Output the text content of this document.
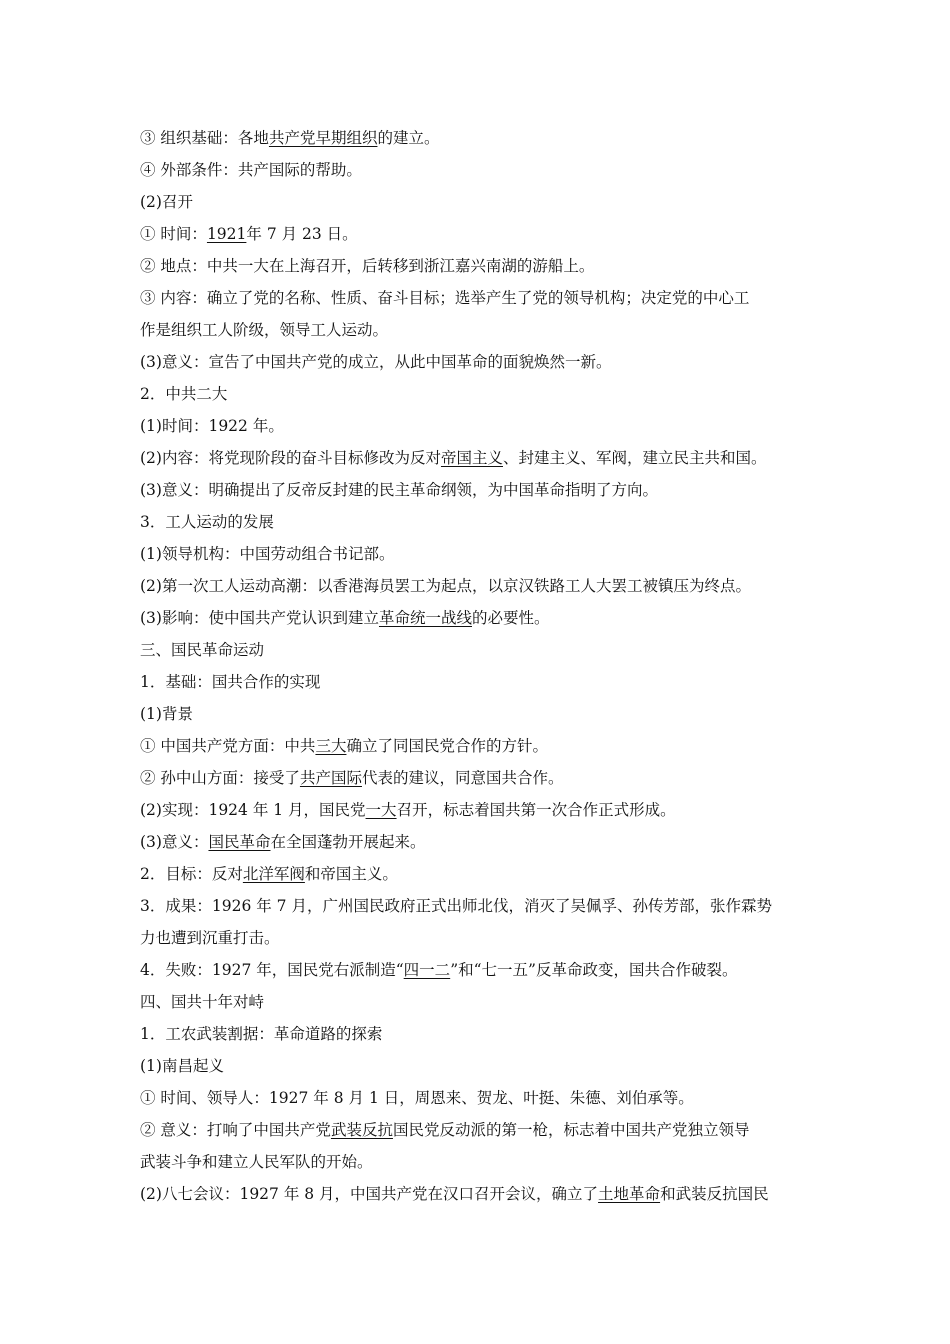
③ 组织基础：各地共产党早期组织的建立。
④ 外部条件：共产国际的帮助。
(2)召开
① 时间：1921年 7 月 23 日。
② 地点：中共一大在上海召开，后转移到浙江嘉兴南湖的游船上。
③ 内容：确立了党的名称、性质、奋斗目标；选举产生了党的领导机构；决定党的中心工
作是组织工人阶级，领导工人运动。
(3)意义：宣告了中国共产党的成立，从此中国革命的面貌焕然一新。
2．中共二大
(1)时间：1922 年。
(2)内容：将党现阶段的奋斗目标修改为反对帝国主义、封建主义、军阀，建立民主共和国。
(3)意义：明确提出了反帝反封建的民主革命纲领，为中国革命指明了方向。
3．工人运动的发展
(1)领导机构：中国劳动组合书记部。
(2)第一次工人运动高潮：以香港海员罢工为起点，以京汉铁路工人大罢工被镇压为终点。
(3)影响：使中国共产党认识到建立革命统一战线的必要性。
三、国民革命运动
1．基础：国共合作的实现
(1)背景
① 中国共产党方面：中共三大确立了同国民党合作的方针。
② 孙中山方面：接受了共产国际代表的建议，同意国共合作。
(2)实现：1924 年 1 月，国民党一大召开，标志着国共第一次合作正式形成。
(3)意义：国民革命在全国蓬勃开展起来。
2．目标：反对北洋军阀和帝国主义。
3．成果：1926 年 7 月，广州国民政府正式出师北伐，消灭了吴佩孚、孙传芳部，张作霖势
力也遭到沉重打击。
4．失败：1927 年，国民党右派制造“四一二”和“七一五”反革命政变，国共合作破裂。
四、国共十年对峙
1．工农武装割据：革命道路的探索
(1)南昌起义
① 时间、领导人：1927 年 8 月 1 日，周恩来、贺龙、叶挺、朱德、刘伯承等。
② 意义：打响了中国共产党武装反抗国民党反动派的第一枪，标志着中国共产党独立领导
武装斗争和建立人民军队的开始。
(2)八七会议：1927 年 8 月，中国共产党在汉口召开会议，确立了土地革命和武装反抗国民
